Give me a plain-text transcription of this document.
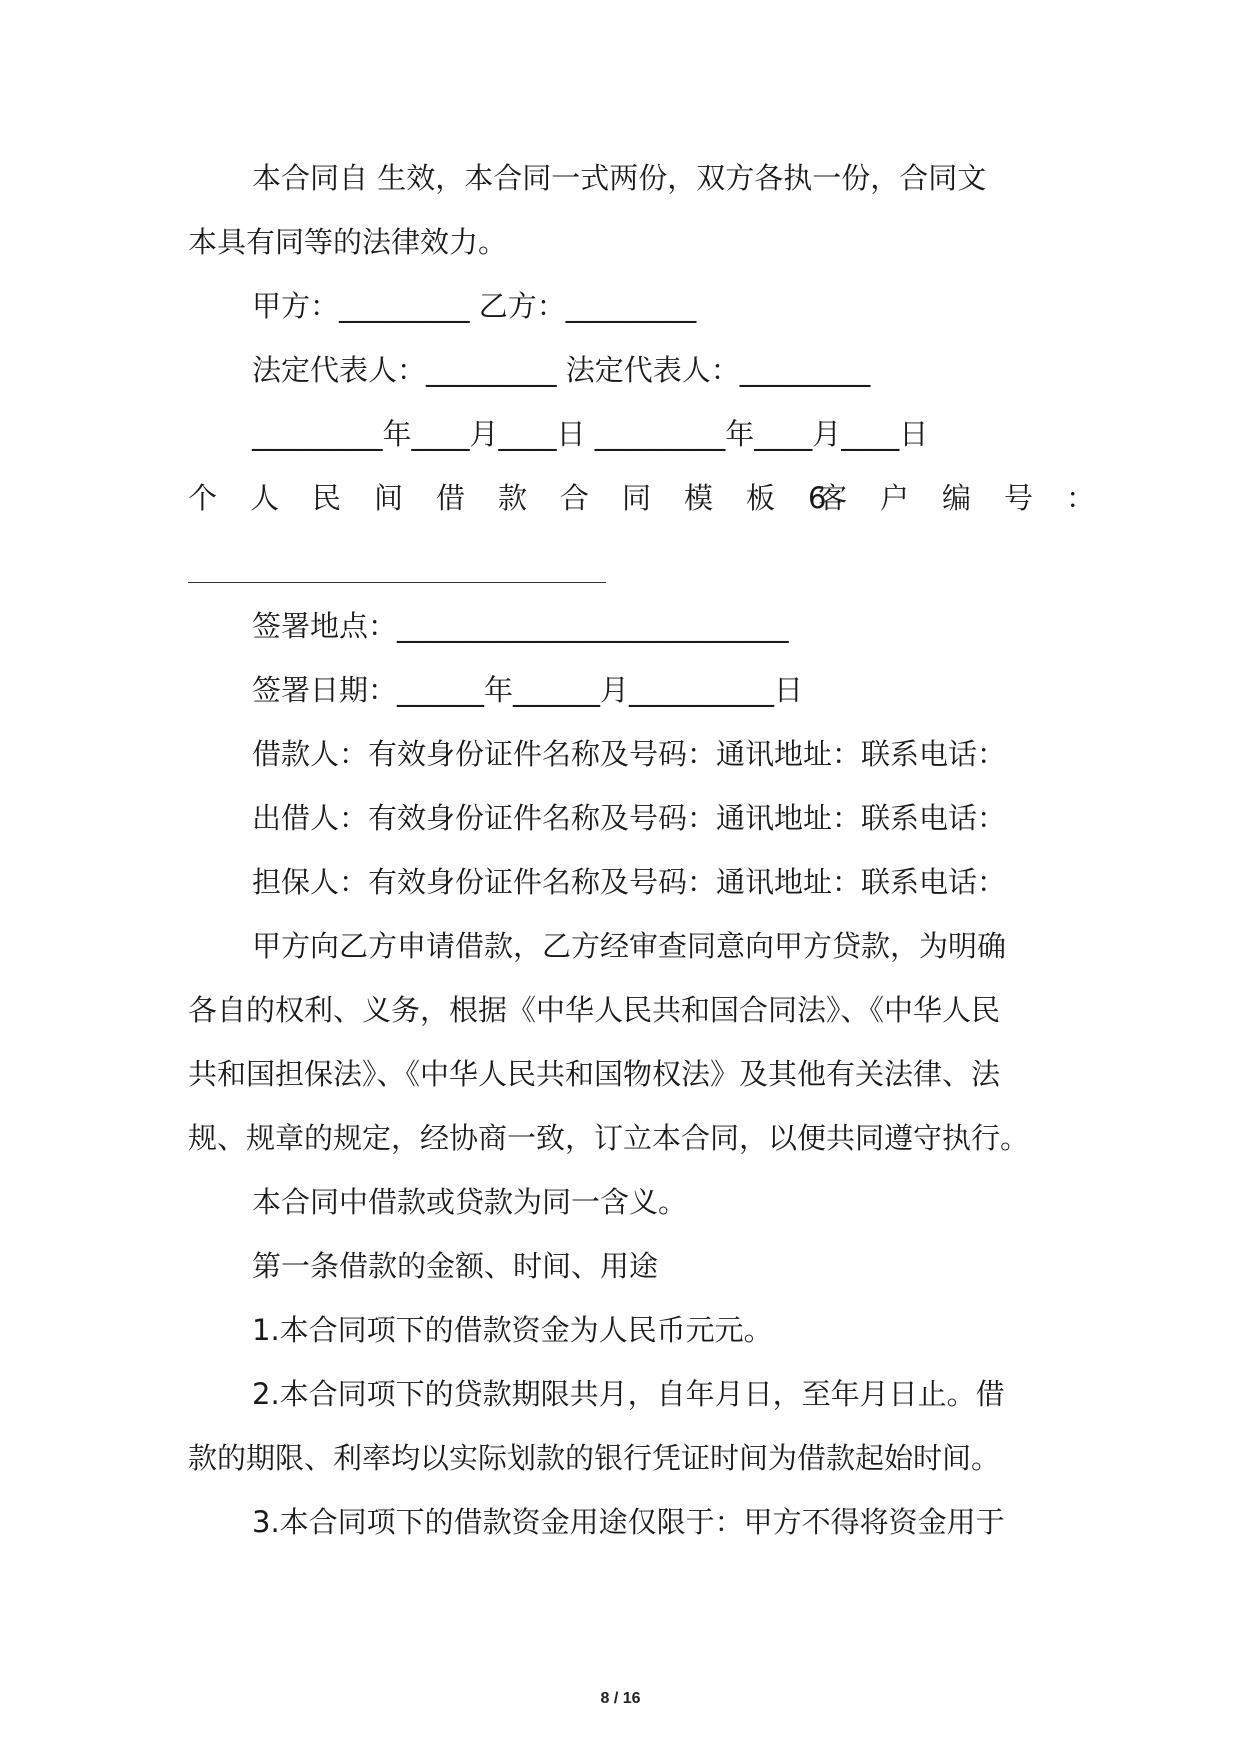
本合同自 生效，本合同一式两份，双方各执一份，合同文
本具有同等的法律效力。
甲方：_________ 乙方：_________
法定代表人：_________ 法定代表人：_________
_________年____月____日 _________年____月____日
个人民间借款合同模板6
客户编号：
签署地点：___________________________
签署日期：______年______月__________日
借款人：有效身份证件名称及号码：通讯地址：联系电话：
出借人：有效身份证件名称及号码：通讯地址：联系电话：
担保人：有效身份证件名称及号码：通讯地址：联系电话：
甲方向乙方申请借款，乙方经审查同意向甲方贷款，为明确
各自的权利、义务，根据《中华人民共和国合同法》、《中华人民
共和国担保法》、《中华人民共和国物权法》及其他有关法律、法
规、规章的规定，经协商一致，订立本合同，以便共同遵守执行。
本合同中借款或贷款为同一含义。
第一条借款的金额、时间、用途
1.本合同项下的借款资金为人民币元元。
2.本合同项下的贷款期限共月，自年月日，至年月日止。借
款的期限、利率均以实际划款的银行凭证时间为借款起始时间。
3.本合同项下的借款资金用途仅限于：甲方不得将资金用于
8 / 16
